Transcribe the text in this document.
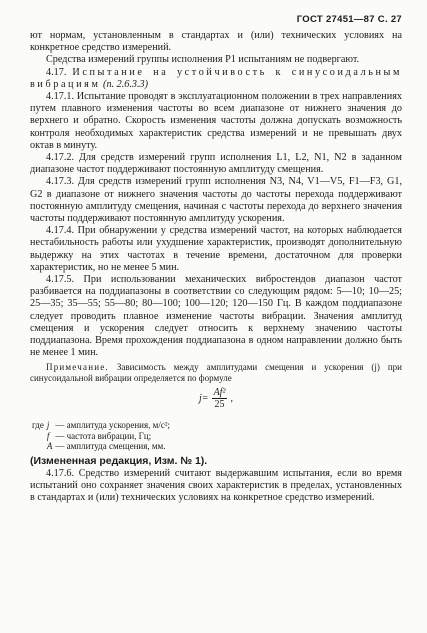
ГОСТ 27451—87 С. 27

ют нормам, установленным в стандартах и (или) технических условиях на конкретное средство измерений.

Средства измерений группы исполнения Р1 испытаниям не подвергают.

4.17. Испытание на устойчивость к синусоидальным вибрациям (п. 2.6.3.3)

4.17.1. Испытание проводят в эксплуатационном положении в трех направлениях путем плавного изменения частоты во всем диапазоне от нижнего значения до верхнего и обратно. Скорость изменения частоты должна допускать возможность контроля необходимых характеристик средства измерений и не превышать двух октав в минуту.

4.17.2. Для средств измерений групп исполнения L1, L2, N1, N2 в заданном диапазоне частот поддерживают постоянную амплитуду смещения.

4.17.3. Для средств измерений групп исполнения N3, N4, V1—V5, F1—F3, G1, G2 в диапазоне от нижнего значения частоты до частоты перехода поддерживают постоянную амплитуду смещения, начиная с частоты перехода до верхнего значения частоты поддерживают постоянную амплитуду ускорения.

4.17.4. При обнаружении у средства измерений частот, на которых наблюдается нестабильность работы или ухудшение характеристик, производят дополнительную выдержку на этих частотах в течение времени, достаточном для проверки характеристик, но не менее 5 мин.

4.17.5. При использовании механических вибростендов диапазон частот разбивается на поддиапазоны в соответствии со следующим рядом: 5—10; 10—25; 25—35; 35—55; 55—80; 80—100; 100—120; 120—150 Гц. В каждом поддиапазоне следует проводить плавное изменение частоты вибрации. Значения амплитуд смещения и ускорения следует относить к верхнему значению частоты поддиапазона. Время прохождения поддиапазона в одном направлении должно быть не менее 1 мин.

Примечание. Зависимость между амплитудами смещения и ускорения (j) при синусоидальной вибрации определяется по формуле

$j= \frac{\text{Af²}}{25}$ ,
где	j	— амплитуда ускорения, м/с²;
	f	— частота вибрации, Гц;
	A	— амплитуда смещения, мм.
(Измененная редакция, Изм. № 1).

4.17.6. Средство измерений считают выдержавшим испытания, если во время испытаний оно сохраняет значения своих характеристик в пределах, установленных в стандартах и (или) технических условиях на конкретное средство измерений.
